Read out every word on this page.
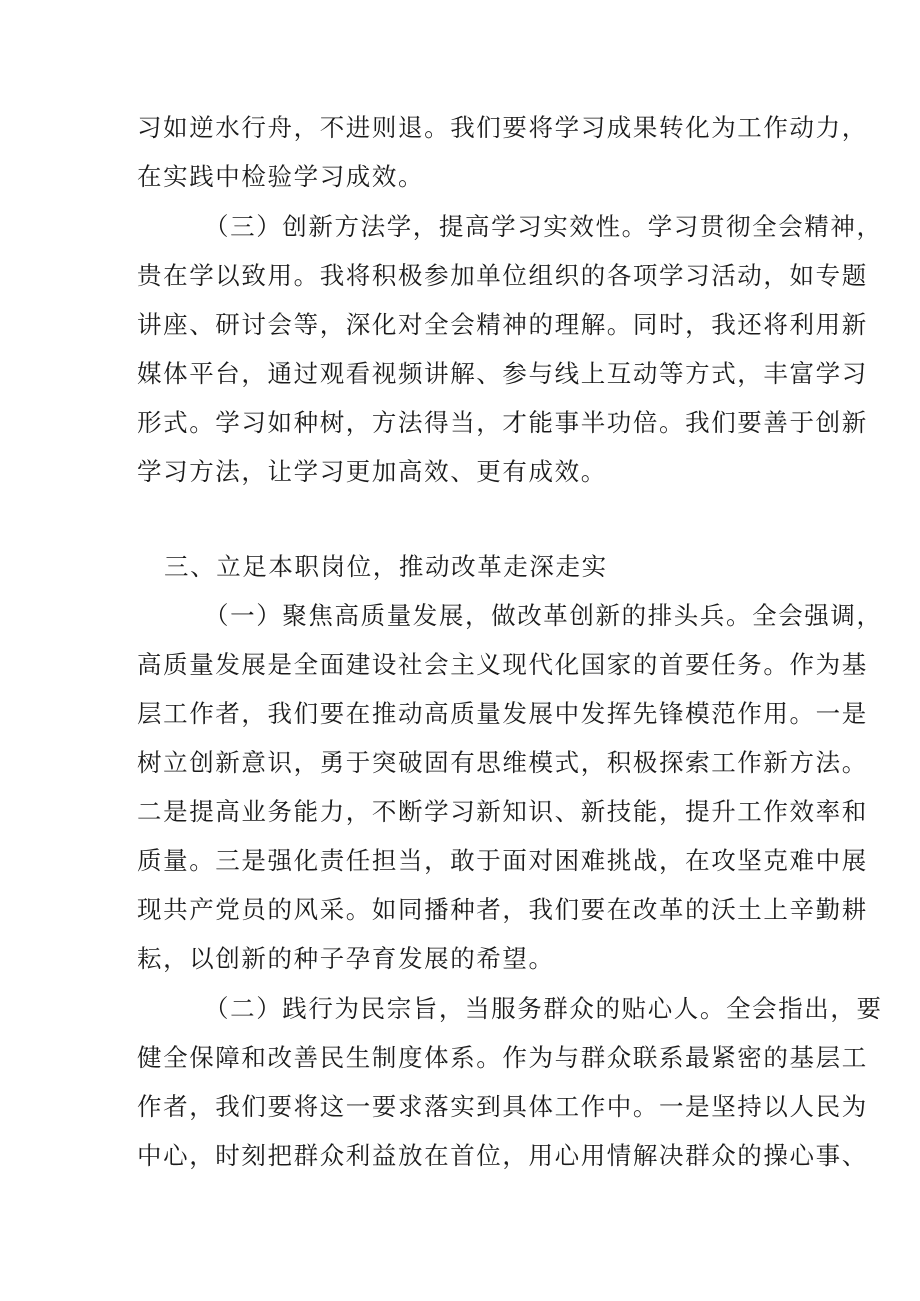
习如逆水行舟，不进则退。我们要将学习成果转化为工作动力，
在实践中检验学习成效。
（三）创新方法学，提高学习实效性。学习贯彻全会精神，
贵在学以致用。我将积极参加单位组织的各项学习活动，如专题
讲座、研讨会等，深化对全会精神的理解。同时，我还将利用新
媒体平台，通过观看视频讲解、参与线上互动等方式，丰富学习
形式。学习如种树，方法得当，才能事半功倍。我们要善于创新
学习方法，让学习更加高效、更有成效。
三、立足本职岗位，推动改革走深走实
（一）聚焦高质量发展，做改革创新的排头兵。全会强调，
高质量发展是全面建设社会主义现代化国家的首要任务。作为基
层工作者，我们要在推动高质量发展中发挥先锋模范作用。一是
树立创新意识，勇于突破固有思维模式，积极探索工作新方法。
二是提高业务能力，不断学习新知识、新技能，提升工作效率和
质量。三是强化责任担当，敢于面对困难挑战，在攻坚克难中展
现共产党员的风采。如同播种者，我们要在改革的沃土上辛勤耕
耘，以创新的种子孕育发展的希望。
（二）践行为民宗旨，当服务群众的贴心人。全会指出，要
健全保障和改善民生制度体系。作为与群众联系最紧密的基层工
作者，我们要将这一要求落实到具体工作中。一是坚持以人民为
中心，时刻把群众利益放在首位，用心用情解决群众的操心事、
